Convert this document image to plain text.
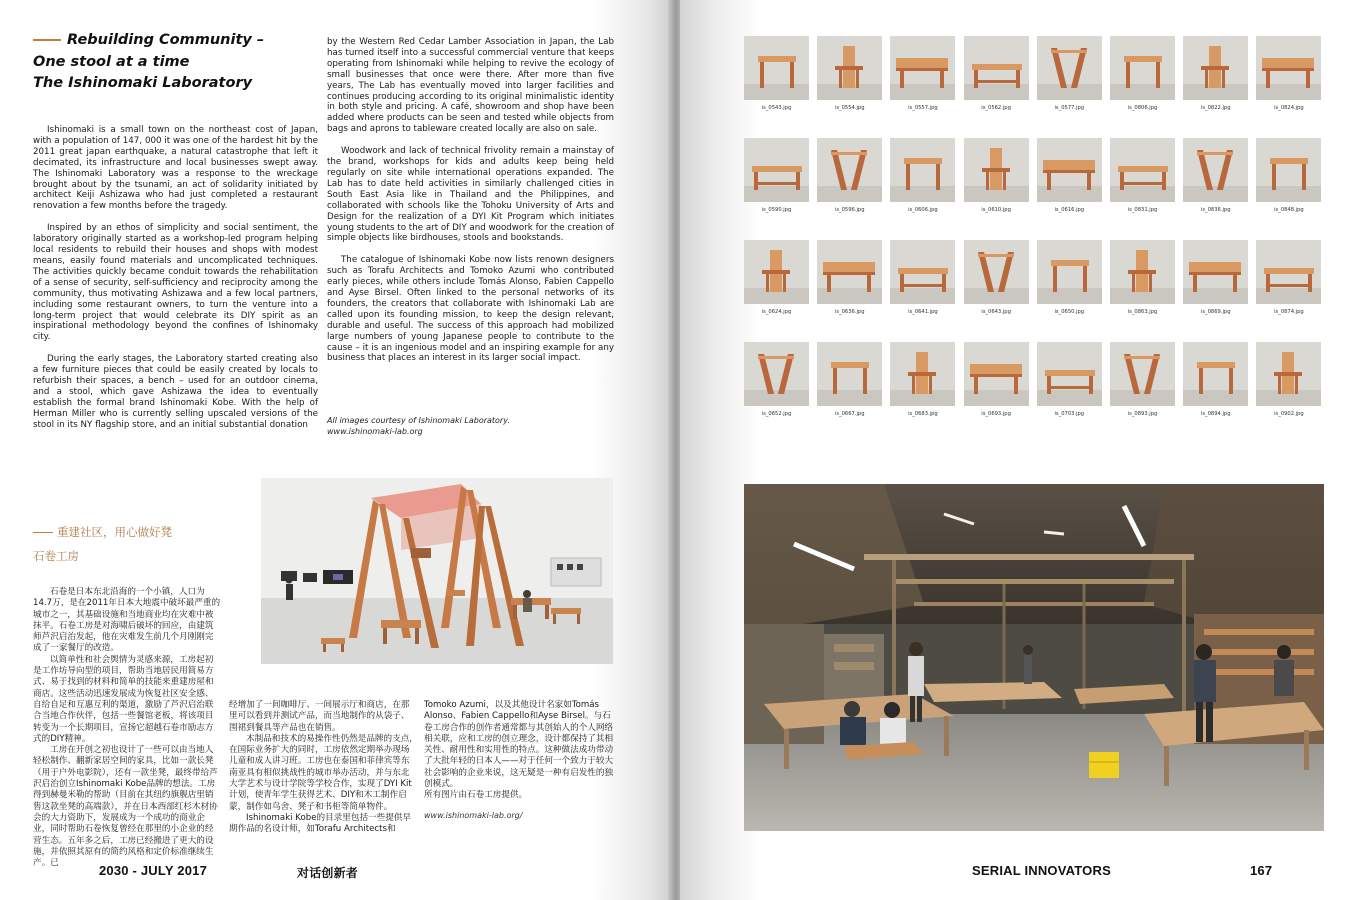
Rebuilding Community –
One stool at a time
The Ishinomaki Laboratory

Ishinomaki is a small town on the northeast cost of Japan, with a population of 147, 000 it was one of the hardest hit by the 2011 great japan earthquake, a natural catastrophe that left it decimated, its infrastructure and local businesses swept away. The Ishinomaki Laboratory was a response to the wreckage brought about by the tsunami, an act of solidarity initiated by architect Keiji Ashizawa who had just completed a restaurant renovation a few months before the tragedy.

Inspired by an ethos of simplicity and social sentiment, the laboratory originally started as a workshop-led program helping local residents to rebuild their houses and shops with modest means, easily found materials and uncomplicated techniques. The activities quickly became conduit towards the rehabilitation of a sense of security, self-sufficiency and reciprocity among the community, thus motivating Ashizawa and a few local partners, including some restaurant owners, to turn the venture into a long-term project that would celebrate its DIY spirit as an inspirational methodology beyond the confines of Ishinomaky city.

During the early stages, the Laboratory started creating also a few furniture pieces that could be easily created by locals to refurbish their spaces, a bench – used for an outdoor cinema, and a stool, which gave Ashizawa the idea to eventually establish the formal brand Ishinomaki Kobe. With the help of Herman Miller who is currently selling upscaled versions of the stool in its NY flagship store, and an initial substantial donation

by the Western Red Cedar Lamber Association in Japan, the Lab has turned itself into a successful commercial venture that keeps operating from Ishinomaki while helping to revive the ecology of small businesses that once were there. After more than five years, The Lab has eventually moved into larger facilities and continues producing according to its original minimalistic identity in both style and pricing. A café, showroom and shop have been added where products can be seen and tested while objects from bags and aprons to tableware created locally are also on sale.

Woodwork and lack of technical frivolity remain a mainstay of the brand, workshops for kids and adults keep being held regularly on site while international operations expanded. The Lab has to date held activities in similarly challenged cities in South East Asia like in Thailand and the Philippines, and collaborated with schools like the Tohoku University of Arts and Design for the realization of a DYI Kit Program which initiates young students to the art of DIY and woodwork for the creation of simple objects like birdhouses, stools and bookstands.

The catalogue of Ishinomaki Kobe now lists renown designers such as Torafu Architects and Tomoko Azumi who contributed early pieces, while others include Tomás Alonso, Fabien Cappello and Ayse Birsel. Often linked to the personal networks of its founders, the creators that collaborate with Ishinomaki Lab are called upon its founding mission, to keep the design relevant, durable and useful. The success of this approach had mobilized large numbers of young Japanese people to contribute to the cause – it is an ingenious model and an inspiring example for any business that places an interest in its larger social impact.

All images courtesy of Ishinomaki Laboratory.
www.ishinomaki-lab.org
重建社区，用心做好凳
石卷工房

石卷是日本东北沿海的一个小镇，人口为14.7万，是在2011年日本大地震中破坏最严重的城市之一，其基础设施和当地商业均在灾难中被抹平。石卷工房是对海啸后破坏的回应，由建筑师芦沢启治发起，他在灾难发生前几个月刚刚完成了一家餐厅的改造。

以简单性和社会舆情为灵感来源，工房起初是工作坊导向型的项目，帮助当地居民用简易方式、易于找到的材料和简单的技能来重建房屋和商店。这些活动迅速发展成为恢复社区安全感、自给自足和互惠互利的渠道，激励了芦沢启治联合当地合作伙伴，包括一些餐馆老板，将该项目转变为一个长期项目，宣扬它超越石卷市励志方式的DIY精神。

工房在开创之初也设计了一些可以由当地人轻松制作、翻新家居空间的家具，比如一款长凳（用于户外电影院），还有一款坐凳，最终带给芦沢启治创立Ishinomaki Kobe品牌的想法。工房得到赫曼米勒的帮助（目前在其纽约旗舰店里销售这款坐凳的高端款），并在日本西部红杉木材协会的大力资助下，发展成为一个成功的商业企业，同时帮助石卷恢复曾经在那里的小企业的经营生态。五年多之后，工房已经搬进了更大的设施，并依照其原有的简约风格和定价标准继续生产。已

经增加了一间咖啡厅、一间展示厅和商店，在那里可以看到并测试产品，而当地制作的从袋子、围裙到餐具等产品也在销售。

木制品和技术的易操作性仍然是品牌的支点，在国际业务扩大的同时，工房依然定期举办现场儿童和成人讲习班。工房也在泰国和菲律宾等东南亚具有相似挑战性的城市举办活动，并与东北大学艺术与设计学院等学校合作，实现了DYI Kit计划，使青年学生获得艺术、DIY和木工制作启蒙，制作如鸟舍、凳子和书柜等简单物件。

Ishinomaki Kobe的目录里包括一些提供早期作品的名设计师，如Torafu Architects和

Tomoko Azumi，以及其他设计名家如Tomás Alonso、Fabien Cappello和Ayse Birsel。与石卷工房合作的创作者通常都与其创始人的个人网络相关联，应和工房的创立理念，设计都保持了其相关性、耐用性和实用性的特点。这种做法成功带动了大批年轻的日本人——对于任何一个致力于较大社会影响的企业来说，这无疑是一种有启发性的独创模式。

所有图片由石卷工房提供。

www.ishinomaki-lab.org/
2030 - JULY 2017	对话创新者
is_0543.jpg	is_0554.jpg	is_0557.jpg	is_0562.jpg	is_0577.jpg	is_0806.jpg	is_0822.jpg	is_0824.jpg
is_0590.jpg	is_0596.jpg	is_0606.jpg	is_0610.jpg	is_0616.jpg	is_0831.jpg	is_0836.jpg	is_0848.jpg
is_0624.jpg	is_0636.jpg	is_0641.jpg	is_0643.jpg	is_0650.jpg	is_0863.jpg	is_0869.jpg	is_0874.jpg
is_0652.jpg	is_0667.jpg	is_0683.jpg	is_0693.jpg	is_0703.jpg	is_0893.jpg	is_0894.jpg	is_0902.jpg
SERIAL INNOVATORS	167
